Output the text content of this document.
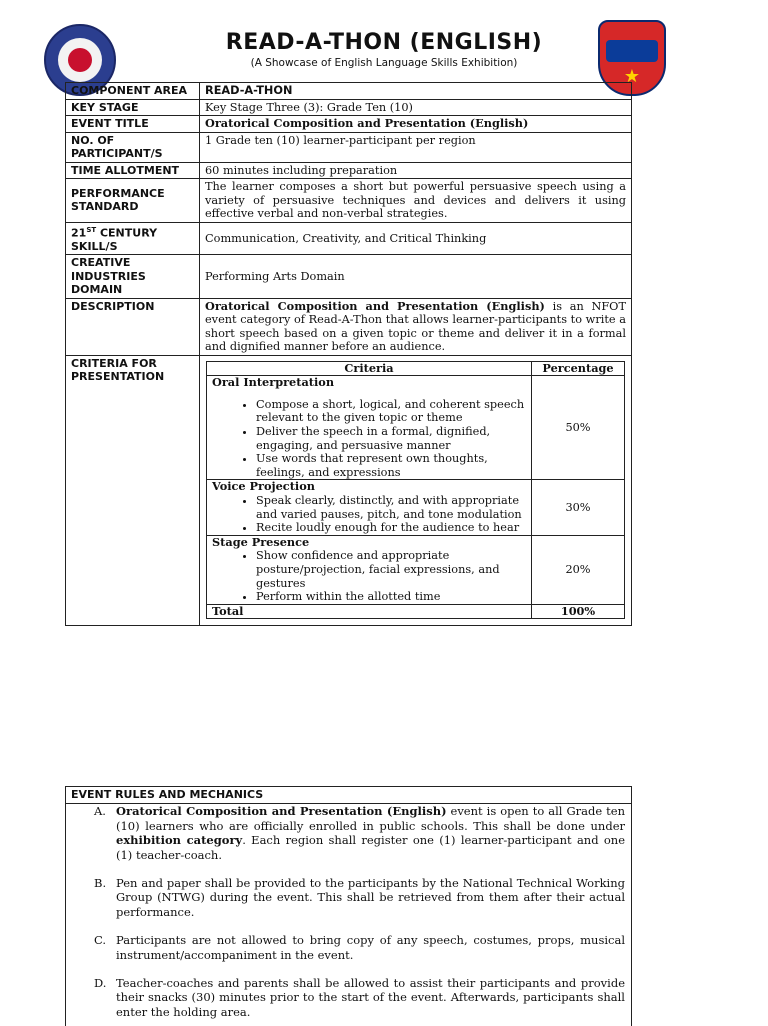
★
READ-A-THON (ENGLISH)
(A Showcase of English Language Skills Exhibition)
COMPONENT AREA	READ-A-THON
KEY STAGE	Key Stage Three (3): Grade Ten (10)
EVENT TITLE	Oratorical Composition and Presentation (English)
NO. OF PARTICIPANT/S	1 Grade ten (10) learner-participant per region
TIME ALLOTMENT	60 minutes including preparation
PERFORMANCE STANDARD	The learner composes a short but powerful persuasive speech using a variety of persuasive techniques and devices and delivers it using effective verbal and non-verbal strategies.
21ST CENTURY SKILL/S	Communication, Creativity, and Critical Thinking
CREATIVE INDUSTRIES DOMAIN	Performing Arts Domain
DESCRIPTION	Oratorical Composition and Presentation (English) is an NFOT event category of Read-A-Thon that allows learner-participants to write a short speech based on a given topic or theme and deliver it in a formal and dignified manner before an audience.
CRITERIA FOR PRESENTATION	
Criteria	Percentage

Oral Interpretation
• Compose a short, logical, and coherent speech relevant to the given topic or theme
• Deliver the speech in a formal, dignified, engaging, and persuasive manner
• Use words that represent own thoughts, feelings, and expressions
	50%

Voice Projection
• Speak clearly, distinctly, and with appropriate and varied pauses, pitch, and tone modulation
• Recite loudly enough for the audience to hear
	30%

Stage Presence
• Show confidence and appropriate posture/projection, facial expressions, and gestures
• Perform within the allotted time
	20%
Total	100%
EVENT RULES AND MECHANICS
A. Oratorical Composition and Presentation (English) event is open to all Grade ten (10) learners who are officially enrolled in public schools. This shall be done under exhibition category. Each region shall register one (1) learner-participant and one (1) teacher-coach.
B. Pen and paper shall be provided to the participants by the National Technical Working Group (NTWG) during the event. This shall be retrieved from them after their actual performance.
C. Participants are not allowed to bring copy of any speech, costumes, props, musical instrument/accompaniment in the event.
D. Teacher-coaches and parents shall be allowed to assist their participants and provide their snacks (30) minutes prior to the start of the event. Afterwards, participants shall enter the holding area.
